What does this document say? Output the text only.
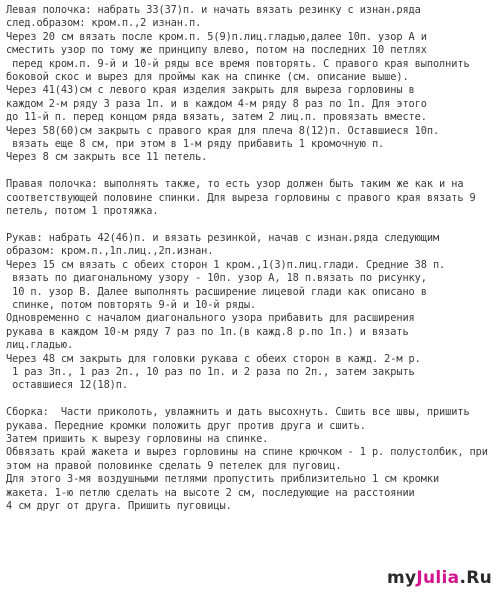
Левая полочка: набрать 33(37)п. и начать вязать резинку с изнан.ряда
след.образом: кром.п.,2 изнан.п.
Через 20 см вязать после кром.п. 5(9)п.лиц.гладью,далее 10п. узор А и
сместить узор по тому же принципу влево, потом на последних 10 петлях
перед кром.п. 9-й и 10-й ряды все время повторять. С правого края выполнить
боковой скос и вырез для проймы как на спинке (см. описание выше).
Через 41(43)см с левого края изделия закрыть для выреза горловины в
каждом 2-м ряду 3 раза 1п. и в каждом 4-м ряду 8 раз по 1п. Для этого
до 11-й п. перед концом ряда вязать, затем 2 лиц.п. провязать вместе.
Через 58(60)см закрыть с правого края для плеча 8(12)п. Оставшиеся 10п.
вязать еще 8 см, при этом в 1-м ряду прибавить 1 кромочную п.
Через 8 см закрыть все 11 петель.
Правая полочка: выполнять также, то есть узор должен быть таким же как и на
соответствующей половине спинки. Для выреза горловины с правого края вязать 9
петель, потом 1 протяжка.
Рукав: набрать 42(46)п. и вязать резинкой, начав с изнан.ряда следующим
образом: кром.п.,1п.лиц.,2п.изнан.
Через 15 см вязать с обеих сторон 1 кром.,1(3)п.лиц.глади. Средние 38 п.
вязать по диагональному узору - 10п. узор А, 18 п.вязать по рисунку,
10 п. узор В. Далее выполнять расширение лицевой глади как описано в
спинке, потом повторять 9-й и 10-й ряды.
Одновременно с началом диагонального узора прибавить для расширения
рукава в каждом 10-м ряду 7 раз по 1п.(в кажд.8 р.по 1п.) и вязать
лиц.гладью.
Через 48 см закрыть для головки рукава с обеих сторон в кажд. 2-м р.
1 раз 3п., 1 раз 2п., 10 раз по 1п. и 2 раза по 2п., затем закрыть
оставшиеся 12(18)п.
Сборка:  Части приколоть, увлажнить и дать высохнуть. Сшить все швы, пришить
рукава. Передние кромки положить друг против друга и сшить.
Затем пришить к вырезу горловины на спинке.
Обвязать край жакета и вырез горловины на спине крючком - 1 р. полустолбик, при
этом на правой половинке сделать 9 петелек для пуговиц.
Для этого 3-мя воздушными петлями пропустить приблизительно 1 см кромки
жакета. 1-ю петлю сделать на высоте 2 см, последующие на расстоянии
4 см друг от друга. Пришить пуговицы.
myJulia.Ru
